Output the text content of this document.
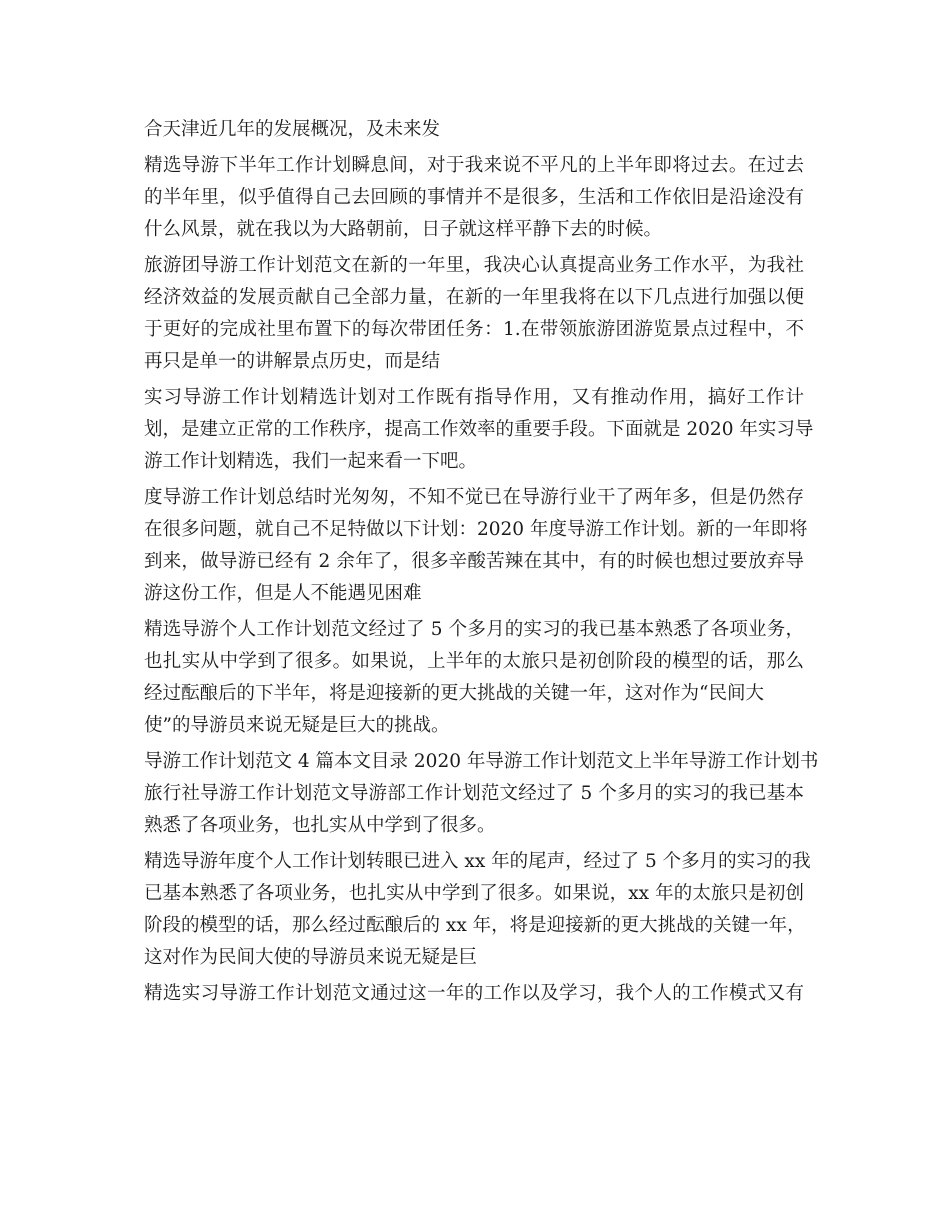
合天津近几年的发展概况，及未来发
精选导游下半年工作计划瞬息间，对于我来说不平凡的上半年即将过去。在过去
的半年里，似乎值得自己去回顾的事情并不是很多，生活和工作依旧是沿途没有
什么风景，就在我以为大路朝前，日子就这样平静下去的时候。
旅游团导游工作计划范文在新的一年里，我决心认真提高业务工作水平，为我社
经济效益的发展贡献自己全部力量，在新的一年里我将在以下几点进行加强以便
于更好的完成社里布置下的每次带团任务：1.在带领旅游团游览景点过程中，不
再只是单一的讲解景点历史，而是结
实习导游工作计划精选计划对工作既有指导作用，又有推动作用，搞好工作计
划，是建立正常的工作秩序，提高工作效率的重要手段。下面就是 2020 年实习导
游工作计划精选，我们一起来看一下吧。
度导游工作计划总结时光匆匆，不知不觉已在导游行业干了两年多，但是仍然存
在很多问题，就自己不足特做以下计划：2020 年度导游工作计划。新的一年即将
到来，做导游已经有 2 余年了，很多辛酸苦辣在其中，有的时候也想过要放弃导
游这份工作，但是人不能遇见困难
精选导游个人工作计划范文经过了 5 个多月的实习的我已基本熟悉了各项业务，
也扎实从中学到了很多。如果说，上半年的太旅只是初创阶段的模型的话，那么
经过酝酿后的下半年，将是迎接新的更大挑战的关键一年，这对作为“民间大
使”的导游员来说无疑是巨大的挑战。
导游工作计划范文 4 篇本文目录 2020 年导游工作计划范文上半年导游工作计划书
旅行社导游工作计划范文导游部工作计划范文经过了 5 个多月的实习的我已基本
熟悉了各项业务，也扎实从中学到了很多。
精选导游年度个人工作计划转眼已进入 xx 年的尾声，经过了 5 个多月的实习的我
已基本熟悉了各项业务，也扎实从中学到了很多。如果说，xx 年的太旅只是初创
阶段的模型的话，那么经过酝酿后的 xx 年，将是迎接新的更大挑战的关键一年，
这对作为民间大使的导游员来说无疑是巨
精选实习导游工作计划范文通过这一年的工作以及学习，我个人的工作模式又有
